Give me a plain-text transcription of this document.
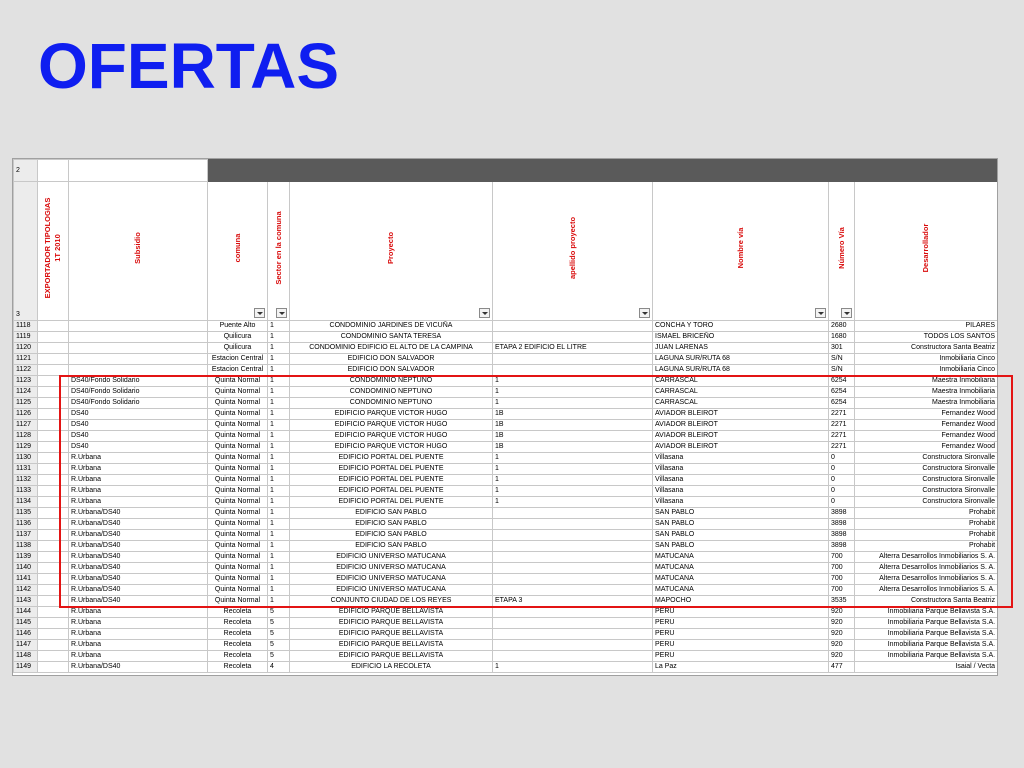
OFERTAS
2									
3	EXPORTADOR TIPOLOGIAS 1T 2010	Subsidio	comuna	Sector en la comuna	Proyecto	apellido proyecto	Nombre vía	Número Vía	Desarrollador

1118			Puente Alto	1	CONDOMINIO JARDINES DE VICUÑA		CONCHA Y TORO	2680	PILARES
1119			Quilicura	1	CONDOMINIO SANTA TERESA		ISMAEL BRICEÑO	1680	TODOS LOS SANTOS
1120			Quilicura	1	CONDOMINIO EDIFICIO EL ALTO DE LA CAMPINA	ETAPA 2 EDIFICIO EL LITRE	JUAN LARENAS	301	Constructora Santa Beatriz
1121			Estacion Central	1	EDIFICIO DON SALVADOR		LAGUNA SUR/RUTA 68	S/N	Inmobiliaria Cinco
1122			Estacion Central	1	EDIFICIO DON SALVADOR		LAGUNA SUR/RUTA 68	S/N	Inmobiliaria Cinco
1123		DS40/Fondo Solidario	Quinta Normal	1	CONDOMINIO NEPTUNO	1	CARRASCAL	6254	Maestra Inmobiliaria
1124		DS40/Fondo Solidario	Quinta Normal	1	CONDOMINIO NEPTUNO	1	CARRASCAL	6254	Maestra Inmobiliaria
1125		DS40/Fondo Solidario	Quinta Normal	1	CONDOMINIO NEPTUNO	1	CARRASCAL	6254	Maestra Inmobiliaria
1126		DS40	Quinta Normal	1	EDIFICIO PARQUE VICTOR HUGO	1B	AVIADOR BLEIROT	2271	Fernandez Wood
1127		DS40	Quinta Normal	1	EDIFICIO PARQUE VICTOR HUGO	1B	AVIADOR BLEIROT	2271	Fernandez Wood
1128		DS40	Quinta Normal	1	EDIFICIO PARQUE VICTOR HUGO	1B	AVIADOR BLEIROT	2271	Fernandez Wood
1129		DS40	Quinta Normal	1	EDIFICIO PARQUE VICTOR HUGO	1B	AVIADOR BLEIROT	2271	Fernandez Wood
1130		R.Urbana	Quinta Normal	1	EDIFICIO PORTAL DEL PUENTE	1	Villasana	0	Constructora Sironvalle
1131		R.Urbana	Quinta Normal	1	EDIFICIO PORTAL DEL PUENTE	1	Villasana	0	Constructora Sironvalle
1132		R.Urbana	Quinta Normal	1	EDIFICIO PORTAL DEL PUENTE	1	Villasana	0	Constructora Sironvalle
1133		R.Urbana	Quinta Normal	1	EDIFICIO PORTAL DEL PUENTE	1	Villasana	0	Constructora Sironvalle
1134		R.Urbana	Quinta Normal	1	EDIFICIO PORTAL DEL PUENTE	1	Villasana	0	Constructora Sironvalle
1135		R.Urbana/DS40	Quinta Normal	1	EDIFICIO SAN PABLO		SAN PABLO	3898	Prohabit
1136		R.Urbana/DS40	Quinta Normal	1	EDIFICIO SAN PABLO		SAN PABLO	3898	Prohabit
1137		R.Urbana/DS40	Quinta Normal	1	EDIFICIO SAN PABLO		SAN PABLO	3898	Prohabit
1138		R.Urbana/DS40	Quinta Normal	1	EDIFICIO SAN PABLO		SAN PABLO	3898	Prohabit
1139		R.Urbana/DS40	Quinta Normal	1	EDIFICIO UNIVERSO MATUCANA		MATUCANA	700	Alterra Desarrollos Inmobiliarios S. A.
1140		R.Urbana/DS40	Quinta Normal	1	EDIFICIO UNIVERSO MATUCANA		MATUCANA	700	Alterra Desarrollos Inmobiliarios S. A.
1141		R.Urbana/DS40	Quinta Normal	1	EDIFICIO UNIVERSO MATUCANA		MATUCANA	700	Alterra Desarrollos Inmobiliarios S. A.
1142		R.Urbana/DS40	Quinta Normal	1	EDIFICIO UNIVERSO MATUCANA		MATUCANA	700	Alterra Desarrollos Inmobiliarios S. A.
1143		R.Urbana/DS40	Quinta Normal	1	CONJUNTO CIUDAD DE LOS REYES	ETAPA 3	MAPOCHO	3535	Constructora Santa Beatriz
1144		R.Urbana	Recoleta	5	EDIFICIO PARQUE BELLAVISTA		PERU	920	Inmobiliaria Parque Bellavista S.A.
1145		R.Urbana	Recoleta	5	EDIFICIO PARQUE BELLAVISTA		PERU	920	Inmobiliaria Parque Bellavista S.A.
1146		R.Urbana	Recoleta	5	EDIFICIO PARQUE BELLAVISTA		PERU	920	Inmobiliaria Parque Bellavista S.A.
1147		R.Urbana	Recoleta	5	EDIFICIO PARQUE BELLAVISTA		PERU	920	Inmobiliaria Parque Bellavista S.A.
1148		R.Urbana	Recoleta	5	EDIFICIO PARQUE BELLAVISTA		PERU	920	Inmobiliaria Parque Bellavista S.A.
1149		R.Urbana/DS40	Recoleta	4	EDIFICIO LA RECOLETA	1	La Paz	477	Isaial / Vecta
